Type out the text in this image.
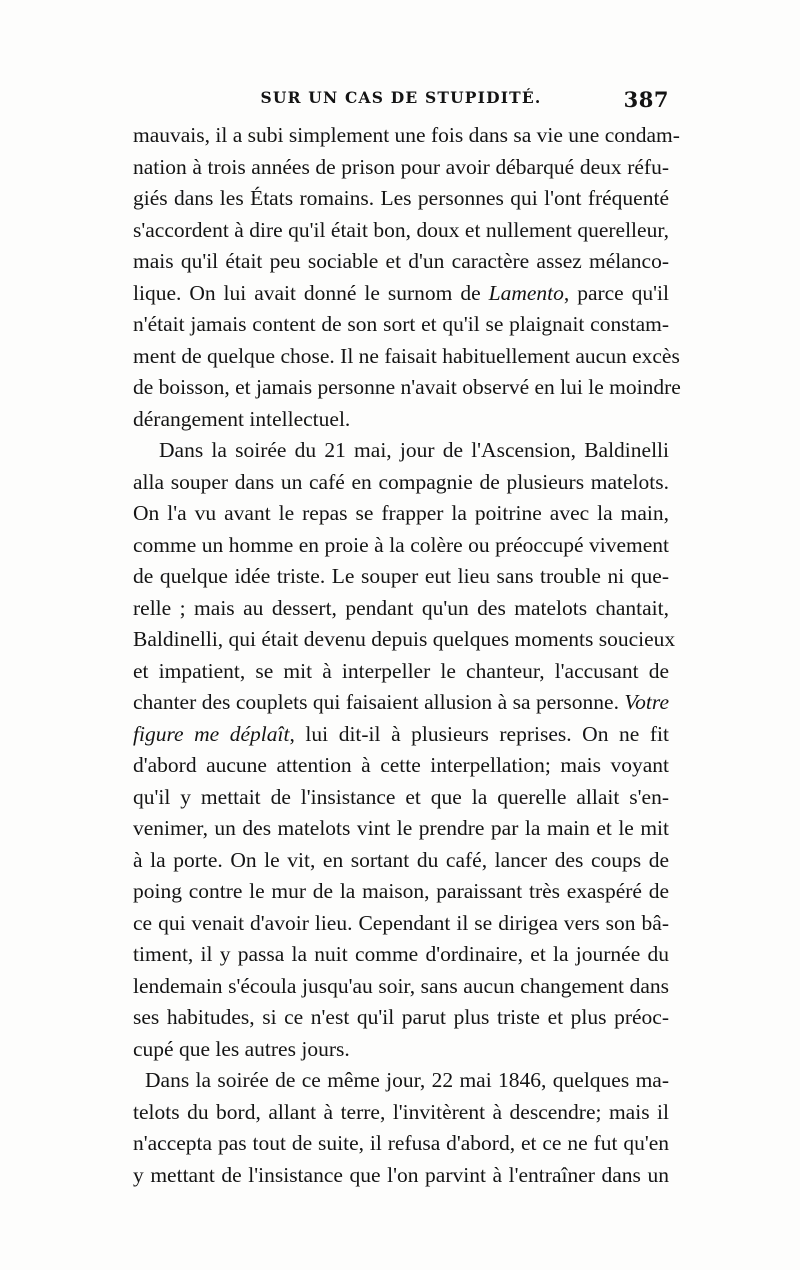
SUR UN CAS DE STUPIDITÉ.	387
mauvais, il a subi simplement une fois dans sa vie une condam-
nation à trois années de prison pour avoir débarqué deux réfu-
giés dans les États romains. Les personnes qui l'ont fréquenté
s'accordent à dire qu'il était bon, doux et nullement querelleur,
mais qu'il était peu sociable et d'un caractère assez mélanco-
lique. On lui avait donné le surnom de Lamento, parce qu'il
n'était jamais content de son sort et qu'il se plaignait constam-
ment de quelque chose. Il ne faisait habituellement aucun excès
de boisson, et jamais personne n'avait observé en lui le moindre
dérangement intellectuel.
Dans la soirée du 21 mai, jour de l'Ascension, Baldinelli
alla souper dans un café en compagnie de plusieurs matelots.
On l'a vu avant le repas se frapper la poitrine avec la main,
comme un homme en proie à la colère ou préoccupé vivement
de quelque idée triste. Le souper eut lieu sans trouble ni que-
relle ; mais au dessert, pendant qu'un des matelots chantait,
Baldinelli, qui était devenu depuis quelques moments soucieux
et impatient, se mit à interpeller le chanteur, l'accusant de
chanter des couplets qui faisaient allusion à sa personne. Votre
figure me déplaît, lui dit-il à plusieurs reprises. On ne fit
d'abord aucune attention à cette interpellation; mais voyant
qu'il y mettait de l'insistance et que la querelle allait s'en-
venimer, un des matelots vint le prendre par la main et le mit
à la porte. On le vit, en sortant du café, lancer des coups de
poing contre le mur de la maison, paraissant très exaspéré de
ce qui venait d'avoir lieu. Cependant il se dirigea vers son bâ-
timent, il y passa la nuit comme d'ordinaire, et la journée du
lendemain s'écoula jusqu'au soir, sans aucun changement dans
ses habitudes, si ce n'est qu'il parut plus triste et plus préoc-
cupé que les autres jours.
Dans la soirée de ce même jour, 22 mai 1846, quelques ma-
telots du bord, allant à terre, l'invitèrent à descendre; mais il
n'accepta pas tout de suite, il refusa d'abord, et ce ne fut qu'en
y mettant de l'insistance que l'on parvint à l'entraîner dans un
